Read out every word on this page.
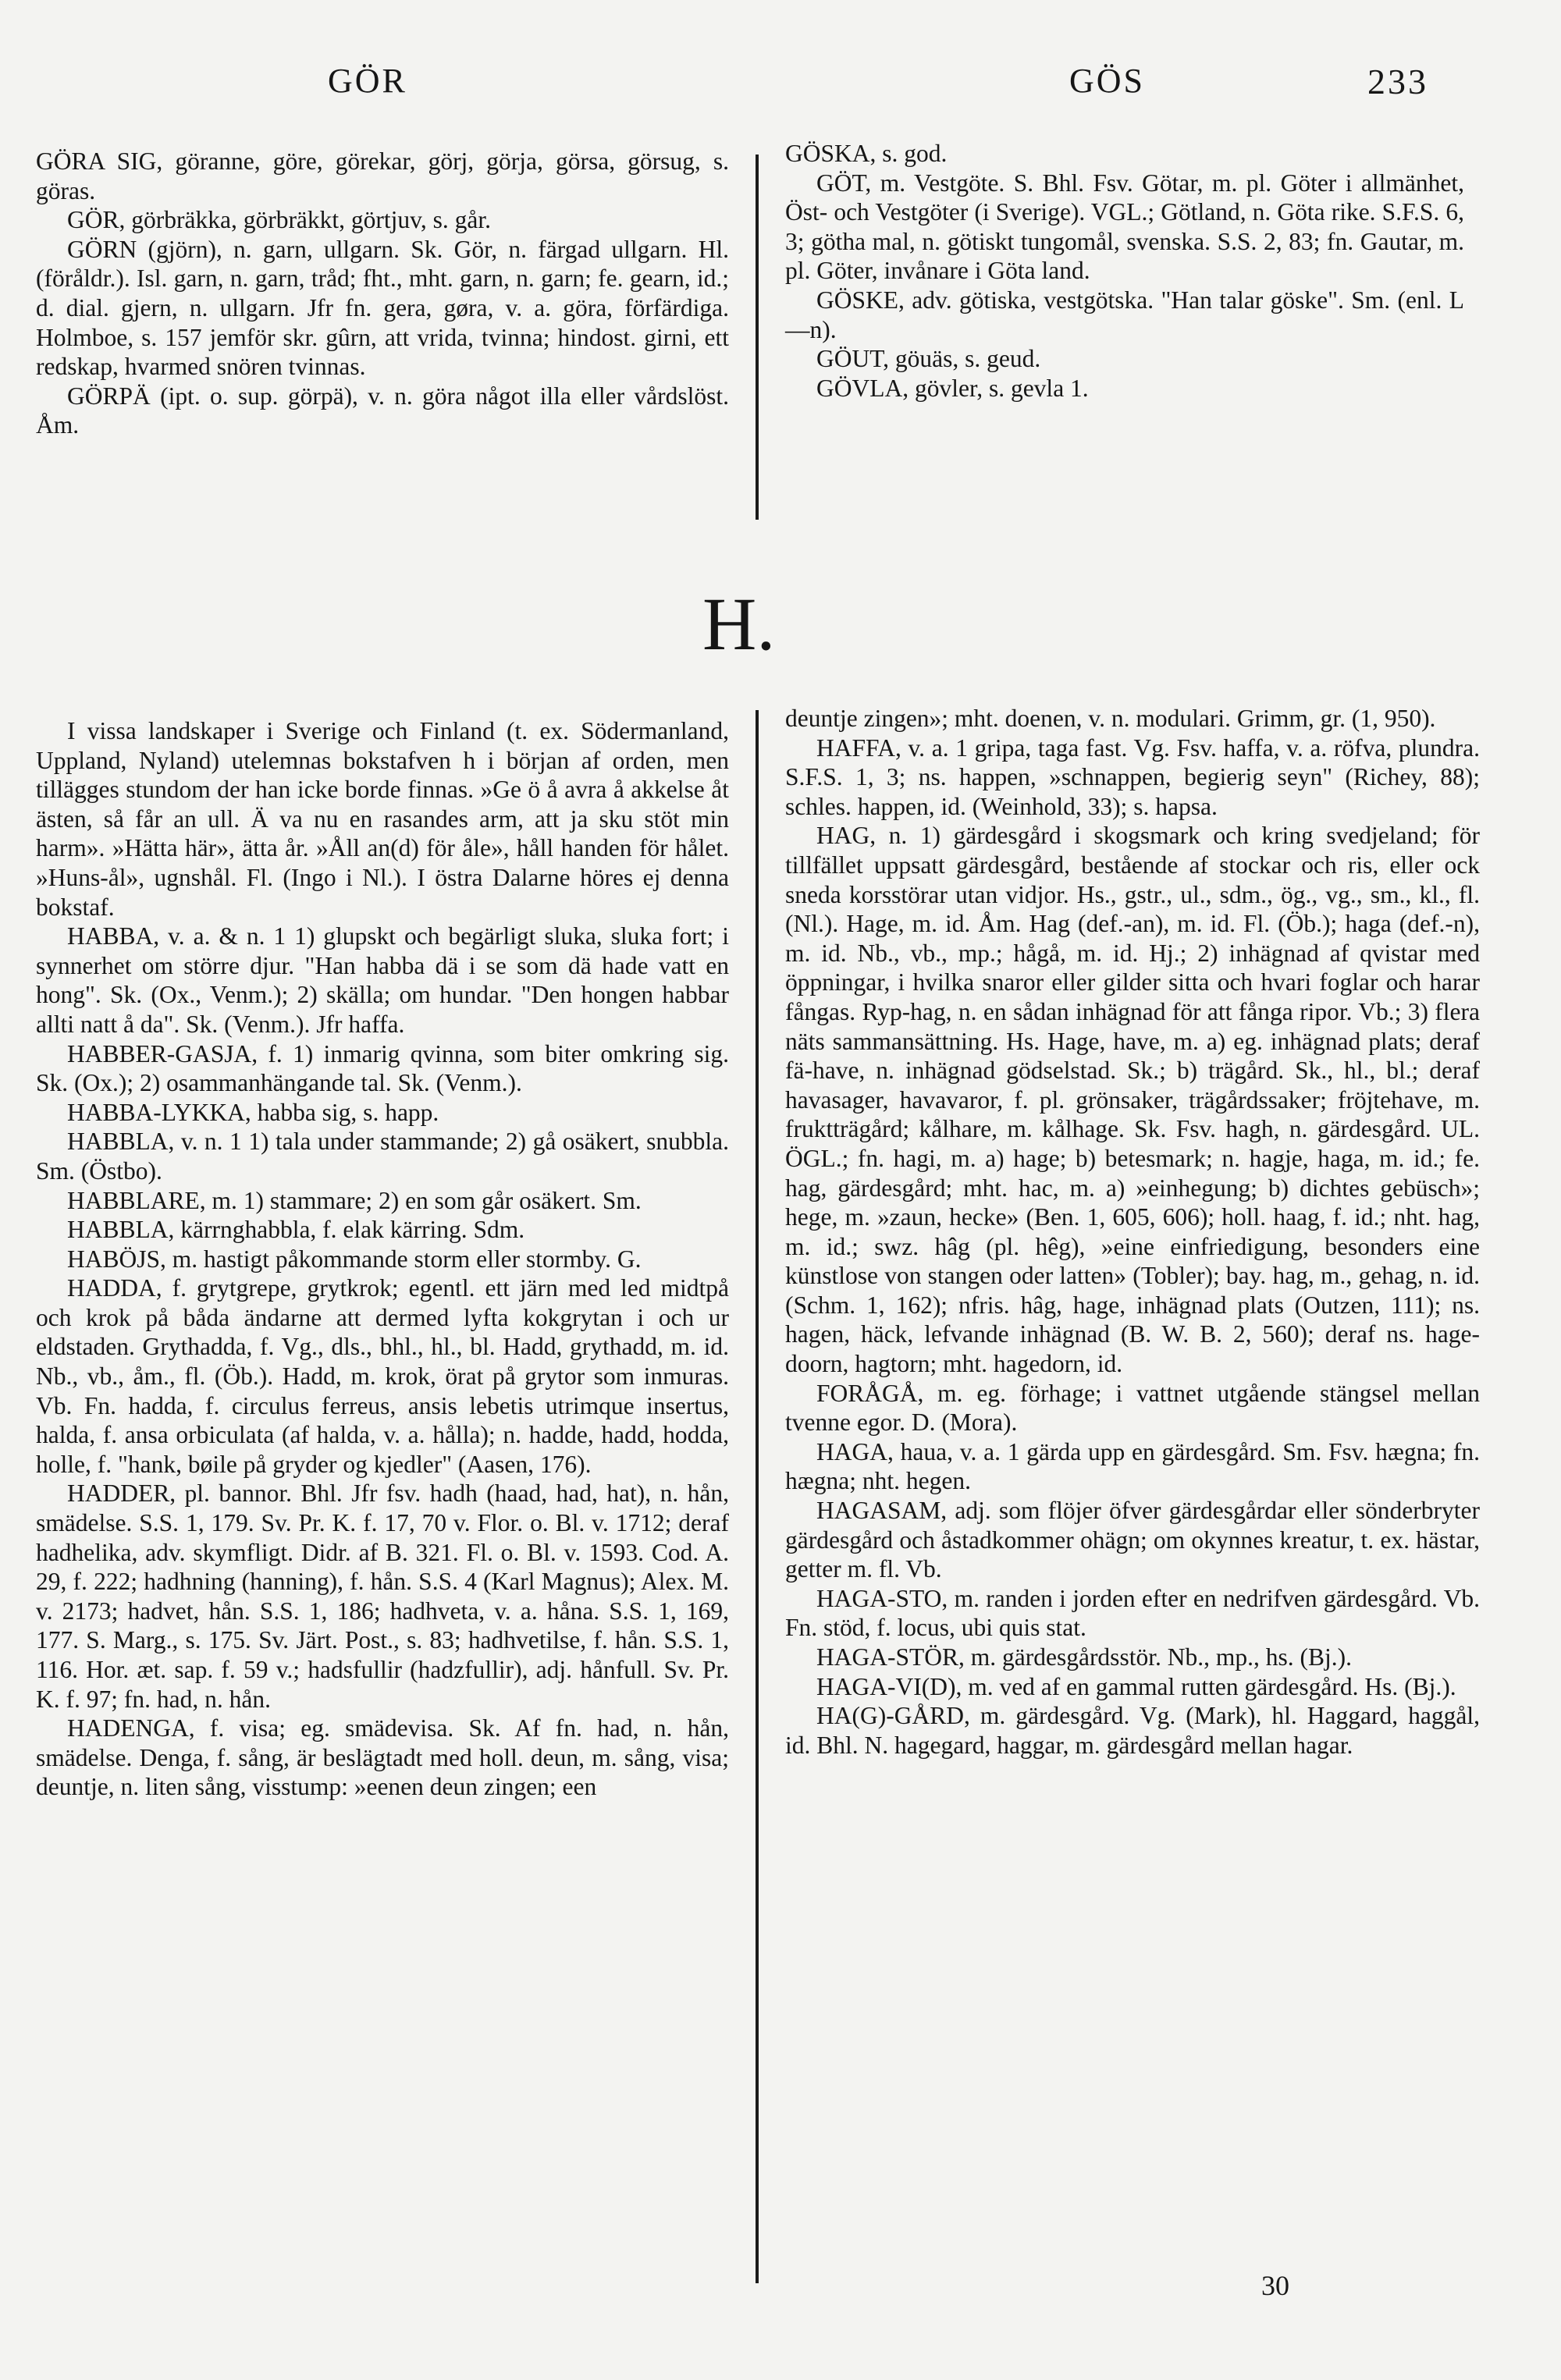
GÖR	GÖS	233

GÖRA SIG, göranne, göre, görekar, görj, görja, görsa, görsug, s. göras.

GÖR, görbräkka, görbräkkt, görtjuv, s. går.

GÖRN (gjörn), n. garn, ullgarn. Sk. Gör, n. färgad ullgarn. Hl. (föråldr.). Isl. garn, n. garn, tråd; fht., mht. garn, n. garn; fe. gearn, id.; d. dial. gjern, n. ullgarn. Jfr fn. gera, gøra, v. a. göra, förfärdiga. Holmboe, s. 157 jemför skr. gûrn, att vrida, tvinna; hindost. girni, ett redskap, hvarmed snören tvinnas.

GÖRPÄ (ipt. o. sup. görpä), v. n. göra något illa eller vårdslöst. Åm.

GÖSKA, s. god.

GÖT, m. Vestgöte. S. Bhl. Fsv. Götar, m. pl. Göter i allmänhet, Öst- och Vestgöter (i Sverige). VGL.; Götland, n. Göta rike. S.F.S. 6, 3; götha mal, n. götiskt tungomål, svenska. S.S. 2, 83; fn. Gautar, m. pl. Göter, invånare i Göta land.

GÖSKE, adv. götiska, vestgötska. "Han talar göske". Sm. (enl. L—n).

GÖUT, göuäs, s. geud.

GÖVLA, gövler, s. gevla 1.

H.

I vissa landskaper i Sverige och Finland (t. ex. Södermanland, Uppland, Nyland) utelemnas bokstafven h i början af orden, men tillägges stundom der han icke borde finnas. »Ge ö å avra å akkelse åt ästen, så får an ull. Ä va nu en rasandes arm, att ja sku stöt min harm». »Hätta här», ätta år. »Åll an(d) för åle», håll handen för hålet. »Huns-ål», ugnshål. Fl. (Ingo i Nl.). I östra Dalarne höres ej denna bokstaf.

HABBA, v. a. & n. 1 1) glupskt och begärligt sluka, sluka fort; i synnerhet om större djur. "Han habba dä i se som dä hade vatt en hong". Sk. (Ox., Venm.); 2) skälla; om hundar. "Den hongen habbar allti natt å da". Sk. (Venm.). Jfr haffa.

HABBER-GASJA, f. 1) inmarig qvinna, som biter omkring sig. Sk. (Ox.); 2) osammanhängande tal. Sk. (Venm.).

HABBA-LYKKA, habba sig, s. happ.

HABBLA, v. n. 1 1) tala under stammande; 2) gå osäkert, snubbla. Sm. (Östbo).

HABBLARE, m. 1) stammare; 2) en som går osäkert. Sm.

HABBLA, kärrnghabbla, f. elak kärring. Sdm.

HABÖJS, m. hastigt påkommande storm eller stormby. G.

HADDA, f. grytgrepe, grytkrok; egentl. ett järn med led midtpå och krok på båda ändarne att dermed lyfta kokgrytan i och ur eldstaden. Grythadda, f. Vg., dls., bhl., hl., bl. Hadd, grythadd, m. id. Nb., vb., åm., fl. (Öb.). Hadd, m. krok, örat på grytor som inmuras. Vb. Fn. hadda, f. circulus ferreus, ansis lebetis utrimque insertus, halda, f. ansa orbiculata (af halda, v. a. hålla); n. hadde, hadd, hodda, holle, f. "hank, bøile på gryder og kjedler" (Aasen, 176).

HADDER, pl. bannor. Bhl. Jfr fsv. hadh (haad, had, hat), n. hån, smädelse. S.S. 1, 179. Sv. Pr. K. f. 17, 70 v. Flor. o. Bl. v. 1712; deraf hadhelika, adv. skymfligt. Didr. af B. 321. Fl. o. Bl. v. 1593. Cod. A. 29, f. 222; hadhning (hanning), f. hån. S.S. 4 (Karl Magnus); Alex. M. v. 2173; hadvet, hån. S.S. 1, 186; hadhveta, v. a. håna. S.S. 1, 169, 177. S. Marg., s. 175. Sv. Järt. Post., s. 83; hadhvetilse, f. hån. S.S. 1, 116. Hor. æt. sap. f. 59 v.; hadsfullir (hadzfullir), adj. hånfull. Sv. Pr. K. f. 97; fn. had, n. hån.

HADENGA, f. visa; eg. smädevisa. Sk. Af fn. had, n. hån, smädelse. Denga, f. sång, är beslägtadt med holl. deun, m. sång, visa; deuntje, n. liten sång, visstump: »eenen deun zingen; een

deuntje zingen»; mht. doenen, v. n. modulari. Grimm, gr. (1, 950).

HAFFA, v. a. 1 gripa, taga fast. Vg. Fsv. haffa, v. a. röfva, plundra. S.F.S. 1, 3; ns. happen, »schnappen, begierig seyn" (Richey, 88); schles. happen, id. (Weinhold, 33); s. hapsa.

HAG, n. 1) gärdesgård i skogsmark och kring svedjeland; för tillfället uppsatt gärdesgård, bestående af stockar och ris, eller ock sneda korsstörar utan vidjor. Hs., gstr., ul., sdm., ög., vg., sm., kl., fl. (Nl.). Hage, m. id. Åm. Hag (def.-an), m. id. Fl. (Öb.); haga (def.-n), m. id. Nb., vb., mp.; hågå, m. id. Hj.; 2) inhägnad af qvistar med öppningar, i hvilka snaror eller gilder sitta och hvari foglar och harar fångas. Ryp-hag, n. en sådan inhägnad för att fånga ripor. Vb.; 3) flera näts sammansättning. Hs. Hage, have, m. a) eg. inhägnad plats; deraf fä-have, n. inhägnad gödselstad. Sk.; b) trägård. Sk., hl., bl.; deraf havasager, havavaror, f. pl. grönsaker, trägårdssaker; fröjtehave, m. fruktträgård; kålhare, m. kålhage. Sk. Fsv. hagh, n. gärdesgård. UL. ÖGL.; fn. hagi, m. a) hage; b) betesmark; n. hagje, haga, m. id.; fe. hag, gärdesgård; mht. hac, m. a) »einhegung; b) dichtes gebüsch»; hege, m. »zaun, hecke» (Ben. 1, 605, 606); holl. haag, f. id.; nht. hag, m. id.; swz. hâg (pl. hêg), »eine einfriedigung, besonders eine künstlose von stangen oder latten» (Tobler); bay. hag, m., gehag, n. id. (Schm. 1, 162); nfris. hâg, hage, inhägnad plats (Outzen, 111); ns. hagen, häck, lefvande inhägnad (B. W. B. 2, 560); deraf ns. hage-doorn, hagtorn; mht. hagedorn, id.

FORÅGÅ, m. eg. förhage; i vattnet utgående stängsel mellan tvenne egor. D. (Mora).

HAGA, haua, v. a. 1 gärda upp en gärdesgård. Sm. Fsv. hægna; fn. hægna; nht. hegen.

HAGASAM, adj. som flöjer öfver gärdesgårdar eller sönderbryter gärdesgård och åstadkommer ohägn; om okynnes kreatur, t. ex. hästar, getter m. fl. Vb.

HAGA-STO, m. randen i jorden efter en nedrifven gärdesgård. Vb. Fn. stöd, f. locus, ubi quis stat.

HAGA-STÖR, m. gärdesgårdsstör. Nb., mp., hs. (Bj.).

HAGA-VI(D), m. ved af en gammal rutten gärdesgård. Hs. (Bj.).

HA(G)-GÅRD, m. gärdesgård. Vg. (Mark), hl. Haggard, haggål, id. Bhl. N. hagegard, haggar, m. gärdesgård mellan hagar.

30
